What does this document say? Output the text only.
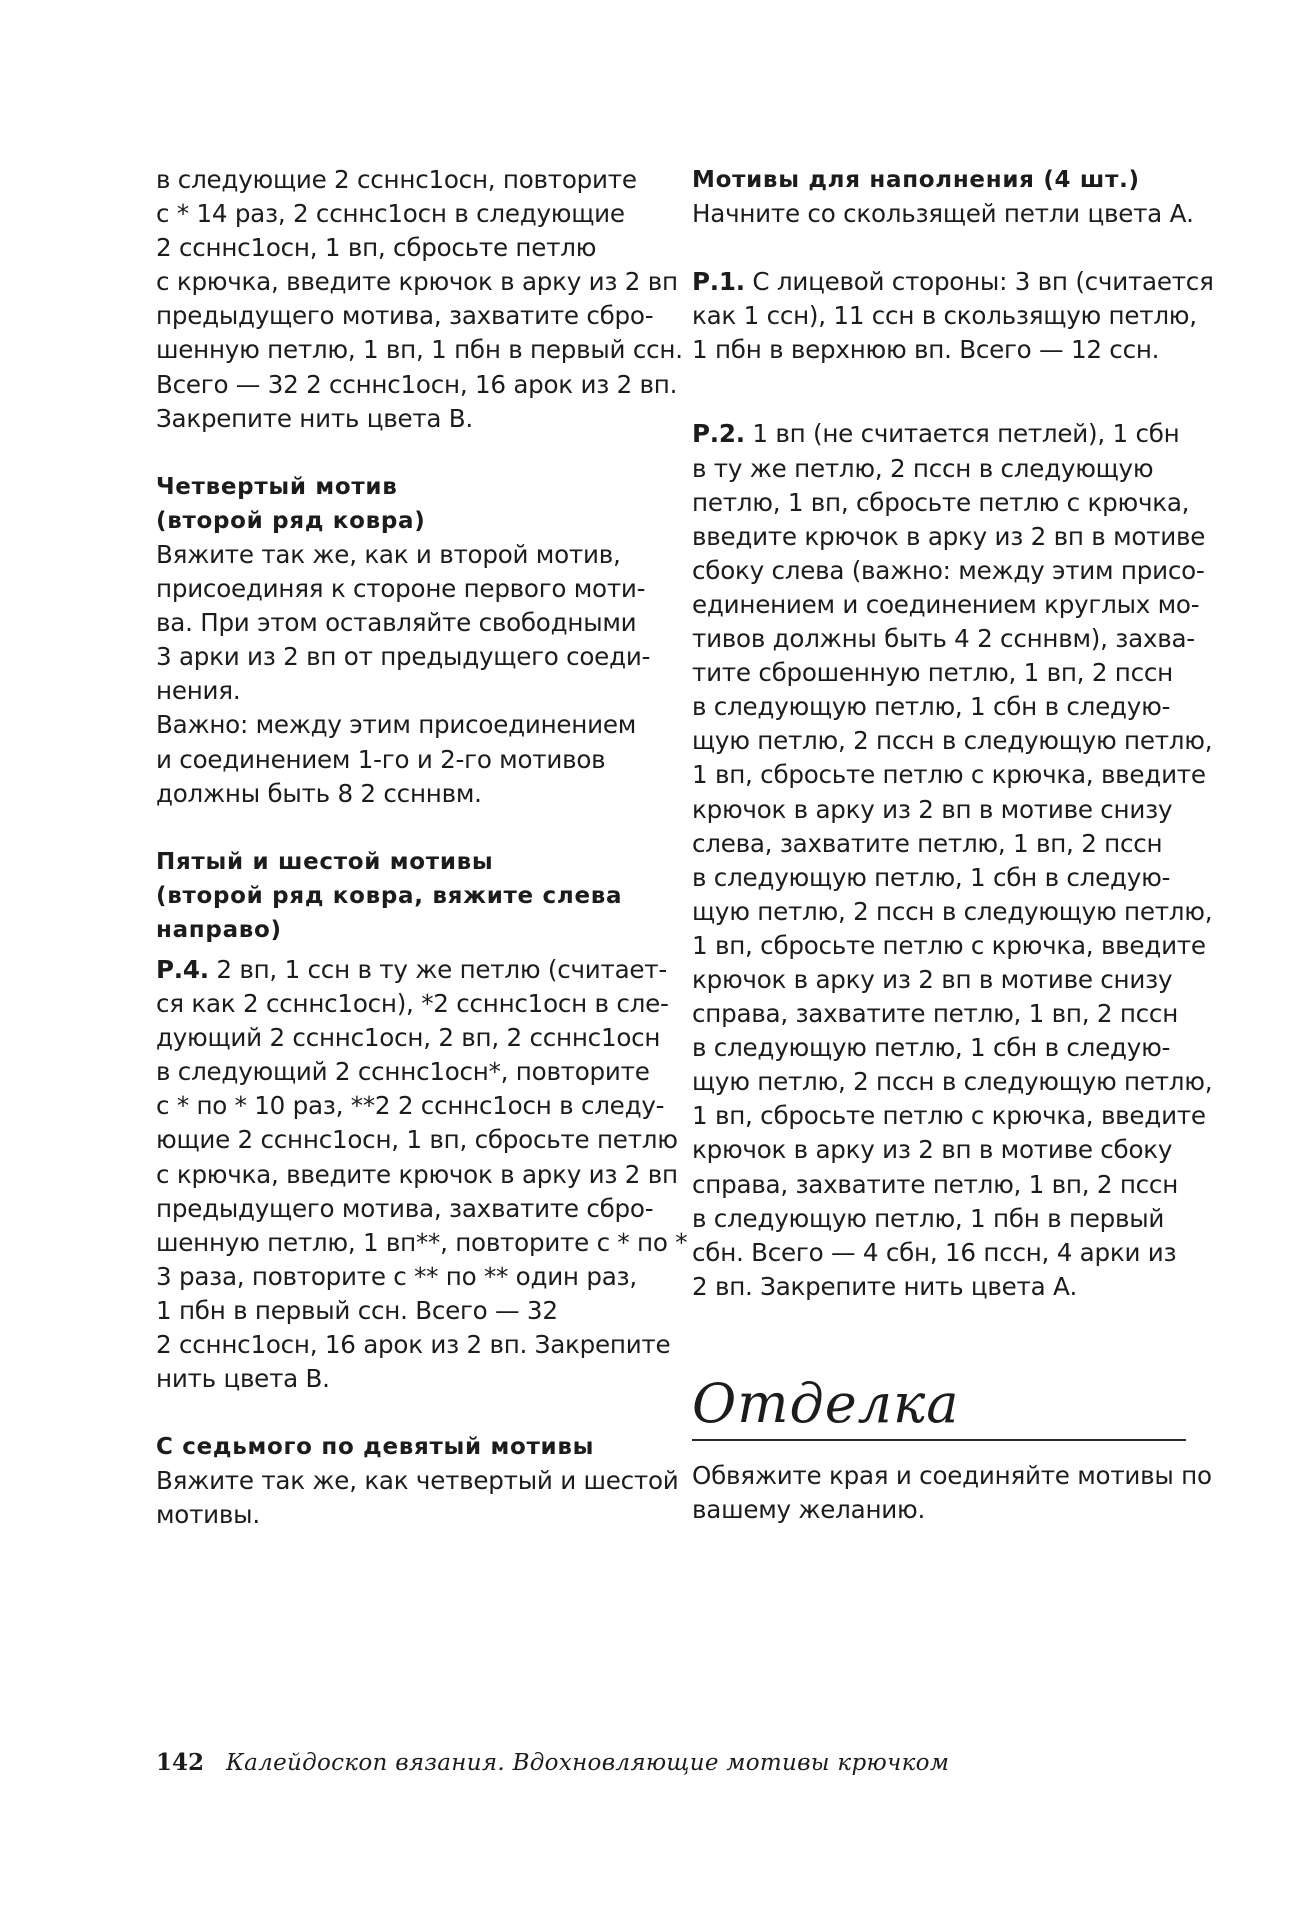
в следующие 2 ссннс1осн, повторите
с * 14 раз, 2 ссннс1осн в следующие
2 ссннс1осн, 1 вп, сбросьте петлю
с крючка, введите крючок в арку из 2 вп
предыдущего мотива, захватите сбро-
шенную петлю, 1 вп, 1 пбн в первый ссн.
Всего — 32 2 ссннс1осн, 16 арок из 2 вп.
Закрепите нить цвета В.
Четвертый мотив
(второй ряд ковра)
Вяжите так же, как и второй мотив,
присоединяя к стороне первого моти-
ва. При этом оставляйте свободными
3 арки из 2 вп от предыдущего соеди-
нения.
Важно: между этим присоединением
и соединением 1-го и 2-го мотивов
должны быть 8 2 ссннвм.
Пятый и шестой мотивы
(второй ряд ковра, вяжите слева
направо)
Р.4. 2 вп, 1 ссн в ту же петлю (считает-
ся как 2 ссннс1осн), *2 ссннс1осн в сле-
дующий 2 ссннс1осн, 2 вп, 2 ссннс1осн
в следующий 2 ссннс1осн*, повторите
с * по * 10 раз, **2 2 ссннс1осн в следу-
ющие 2 ссннс1осн, 1 вп, сбросьте петлю
с крючка, введите крючок в арку из 2 вп
предыдущего мотива, захватите сбро-
шенную петлю, 1 вп**, повторите с * по *
3 раза, повторите с ** по ** один раз,
1 пбн в первый ссн. Всего — 32
2 ссннс1осн, 16 арок из 2 вп. Закрепите
нить цвета В.
С седьмого по девятый мотивы
Вяжите так же, как четвертый и шестой
мотивы.
Мотивы для наполнения (4 шт.)
Начните со скользящей петли цвета А.
Р.1. С лицевой стороны: 3 вп (считается
как 1 ссн), 11 ссн в скользящую петлю,
1 пбн в верхнюю вп. Всего — 12 ссн.
Р.2. 1 вп (не считается петлей), 1 сбн
в ту же петлю, 2 пссн в следующую
петлю, 1 вп, сбросьте петлю с крючка,
введите крючок в арку из 2 вп в мотиве
сбоку слева (важно: между этим присо-
единением и соединением круглых мо-
тивов должны быть 4 2 ссннвм), захва-
тите сброшенную петлю, 1 вп, 2 пссн
в следующую петлю, 1 сбн в следую-
щую петлю, 2 пссн в следующую петлю,
1 вп, сбросьте петлю с крючка, введите
крючок в арку из 2 вп в мотиве снизу
слева, захватите петлю, 1 вп, 2 пссн
в следующую петлю, 1 сбн в следую-
щую петлю, 2 пссн в следующую петлю,
1 вп, сбросьте петлю с крючка, введите
крючок в арку из 2 вп в мотиве снизу
справа, захватите петлю, 1 вп, 2 пссн
в следующую петлю, 1 сбн в следую-
щую петлю, 2 пссн в следующую петлю,
1 вп, сбросьте петлю с крючка, введите
крючок в арку из 2 вп в мотиве сбоку
справа, захватите петлю, 1 вп, 2 пссн
в следующую петлю, 1 пбн в первый
сбн. Всего — 4 сбн, 16 пссн, 4 арки из
2 вп. Закрепите нить цвета А.
Отделка
Обвяжите края и соединяйте мотивы по
вашему желанию.
142 Калейдоскоп вязания. Вдохновляющие мотивы крючком
